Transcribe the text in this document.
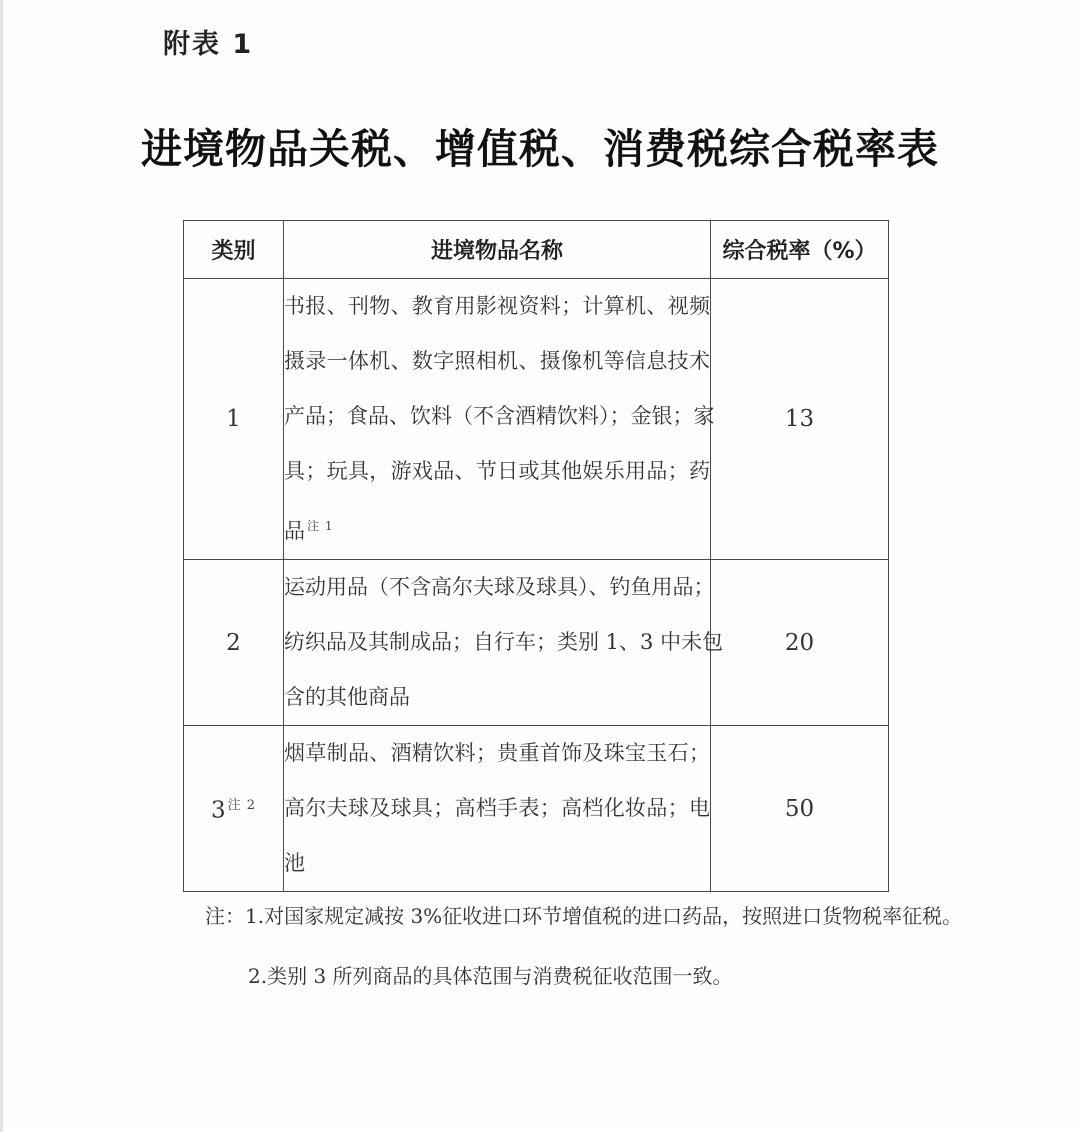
附表 1
进境物品关税、增值税、消费税综合税率表
类别	进境物品名称	综合税率（%）
1	书报、刊物、教育用影视资料；计算机、视频
摄录一体机、数字照相机、摄像机等信息技术
产品；食品、饮料（不含酒精饮料）；金银；家
具；玩具，游戏品、节日或其他娱乐用品；药
品 $^{注 1}$	13
2	运动用品（不含高尔夫球及球具）、钓鱼用品；
纺织品及其制成品；自行车；类别 1、3 中未包
含的其他商品	20
3 $^{注 2}$	烟草制品、酒精饮料；贵重首饰及珠宝玉石；
高尔夫球及球具；高档手表；高档化妆品；电
池	50
注：1.对国家规定减按 3%征收进口环节增值税的进口药品，按照进口货物税率征税。
2.类别 3 所列商品的具体范围与消费税征收范围一致。
